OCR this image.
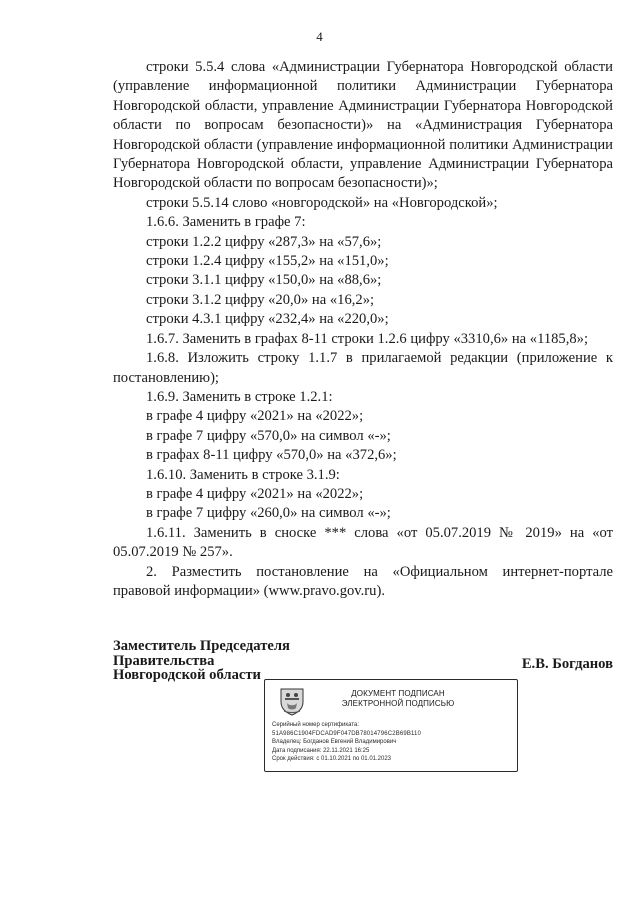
4

строки 5.5.4 слова «Администрации Губернатора Новгородской области (управление информационной политики Администрации Губернатора Новгородской области, управление Администрации Губернатора Новгородской области по вопросам безопасности)» на «Администрация Губернатора Новгородской области (управление информационной политики Администрации Губернатора Новгородской области, управление Администрации Губернатора Новгородской области по вопросам безопасности)»;

строки 5.5.14 слово «новгородской» на «Новгородской»;

1.6.6. Заменить в графе 7:

строки 1.2.2 цифру «287,3» на «57,6»;

строки 1.2.4 цифру «155,2» на «151,0»;

строки 3.1.1 цифру «150,0» на «88,6»;

строки 3.1.2 цифру «20,0» на «16,2»;

строки 4.3.1 цифру «232,4» на «220,0»;

1.6.7. Заменить в графах 8-11 строки 1.2.6 цифру «3310,6» на «1185,8»;

1.6.8. Изложить строку 1.1.7 в прилагаемой редакции (приложение к постановлению);

1.6.9. Заменить в строке 1.2.1:

в графе 4 цифру «2021» на «2022»;

в графе 7 цифру «570,0» на символ «-»;

в графах 8-11 цифру «570,0» на «372,6»;

1.6.10. Заменить в строке 3.1.9:

в графе 4 цифру «2021» на «2022»;

в графе 7 цифру «260,0» на символ «-»;

1.6.11. Заменить в сноске *** слова «от 05.07.2019 № 2019» на «от 05.07.2019 № 257».

2. Разместить постановление на «Официальном интернет-портале правовой информации» (www.pravo.gov.ru).

Заместитель Председателя
Правительства
Новгородской области
Е.В. Богданов
ДОКУМЕНТ ПОДПИСАН
ЭЛЕКТРОННОЙ ПОДПИСЬЮ
Серийный номер сертификата:
51A986C1904FDCAD9F047DB78014796C2B69B110
Владелец: Богданов Евгений Владимирович
Дата подписания: 22.11.2021 16:25
Срок действия: с 01.10.2021 по 01.01.2023
